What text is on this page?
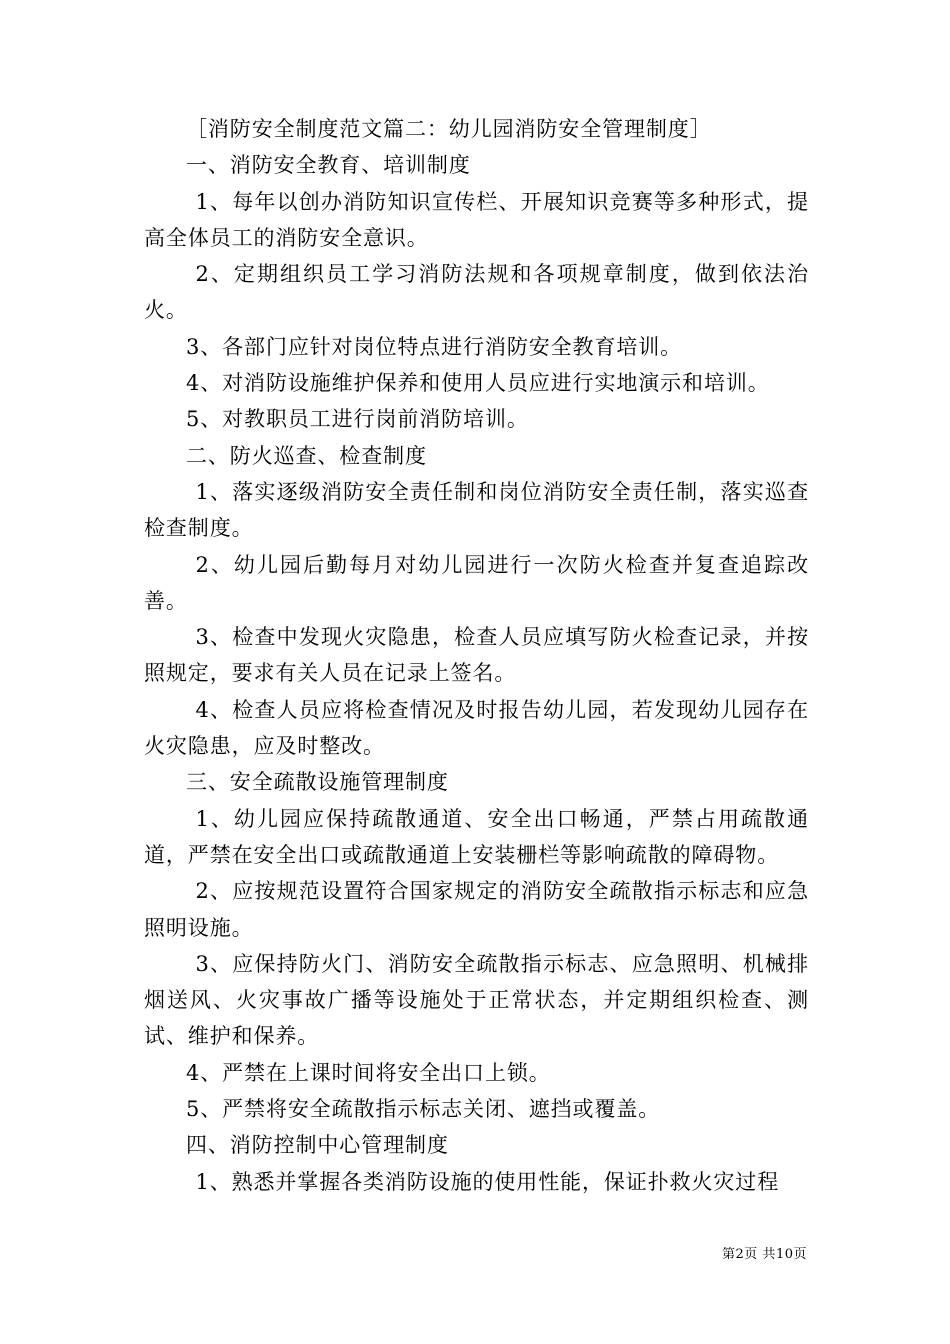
［消防安全制度范文篇二：幼儿园消防安全管理制度］

一、消防安全教育、培训制度

1、每年以创办消防知识宣传栏、开展知识竞赛等多种形式，提高全体员工的消防安全意识。

2、定期组织员工学习消防法规和各项规章制度，做到依法治火。

3、各部门应针对岗位特点进行消防安全教育培训。

4、对消防设施维护保养和使用人员应进行实地演示和培训。

5、对教职员工进行岗前消防培训。

二、防火巡查、检查制度

1、落实逐级消防安全责任制和岗位消防安全责任制，落实巡查检查制度。

2、幼儿园后勤每月对幼儿园进行一次防火检查并复查追踪改善。

3、检查中发现火灾隐患，检查人员应填写防火检查记录，并按照规定，要求有关人员在记录上签名。

4、检查人员应将检查情况及时报告幼儿园，若发现幼儿园存在火灾隐患，应及时整改。

三、安全疏散设施管理制度

1、幼儿园应保持疏散通道、安全出口畅通，严禁占用疏散通道，严禁在安全出口或疏散通道上安装栅栏等影响疏散的障碍物。

2、应按规范设置符合国家规定的消防安全疏散指示标志和应急照明设施。

3、应保持防火门、消防安全疏散指示标志、应急照明、机械排烟送风、火灾事故广播等设施处于正常状态，并定期组织检查、测试、维护和保养。

4、严禁在上课时间将安全出口上锁。

5、严禁将安全疏散指示标志关闭、遮挡或覆盖。

四、消防控制中心管理制度

1、熟悉并掌握各类消防设施的使用性能，保证扑救火灾过程

第2页 共10页
